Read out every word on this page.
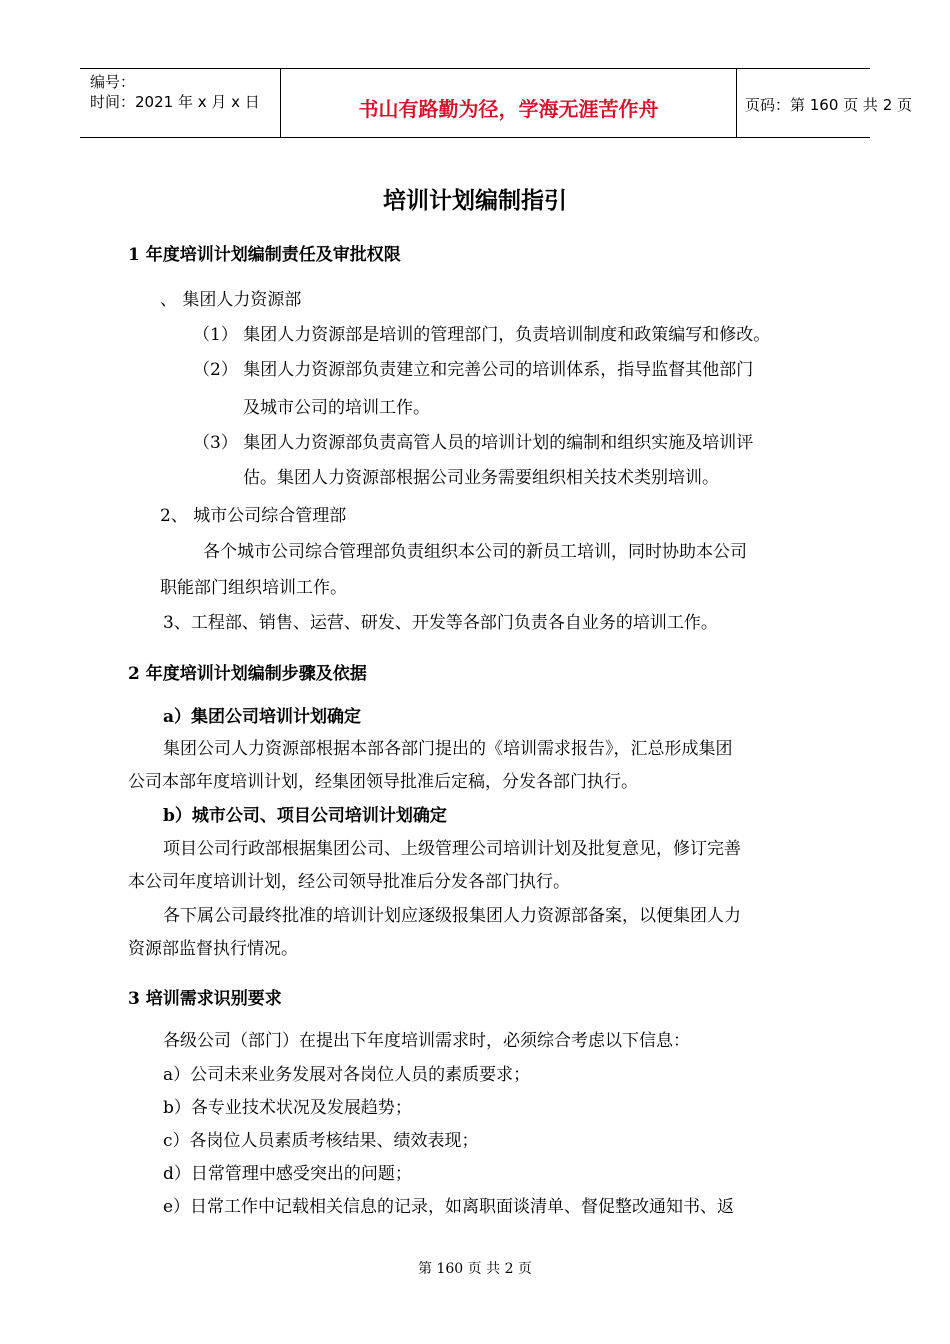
编号：
时间：2021 年 x 月 x 日	书山有路勤为径，学海无涯苦作舟	页码：第 160 页 共 2 页
培训计划编制指引
1 年度培训计划编制责任及审批权限
、 集团人力资源部
（1） 集团人力资源部是培训的管理部门，负责培训制度和政策编写和修改。
（2） 集团人力资源部负责建立和完善公司的培训体系，指导监督其他部门
及城市公司的培训工作。
（3） 集团人力资源部负责高管人员的培训计划的编制和组织实施及培训评
估。集团人力资源部根据公司业务需要组织相关技术类别培训。
2、 城市公司综合管理部
各个城市公司综合管理部负责组织本公司的新员工培训，同时协助本公司
职能部门组织培训工作。
3、工程部、销售、运营、研发、开发等各部门负责各自业务的培训工作。
2 年度培训计划编制步骤及依据
a）集团公司培训计划确定
集团公司人力资源部根据本部各部门提出的《培训需求报告》，汇总形成集团
公司本部年度培训计划，经集团领导批准后定稿，分发各部门执行。
b）城市公司、项目公司培训计划确定
项目公司行政部根据集团公司、上级管理公司培训计划及批复意见，修订完善
本公司年度培训计划，经公司领导批准后分发各部门执行。
各下属公司最终批准的培训计划应逐级报集团人力资源部备案，以便集团人力
资源部监督执行情况。
3 培训需求识别要求
各级公司（部门）在提出下年度培训需求时，必须综合考虑以下信息：
a）公司未来业务发展对各岗位人员的素质要求；
b）各专业技术状况及发展趋势；
c）各岗位人员素质考核结果、绩效表现；
d）日常管理中感受突出的问题；
e）日常工作中记载相关信息的记录，如离职面谈清单、督促整改通知书、返
第 160 页 共 2 页
